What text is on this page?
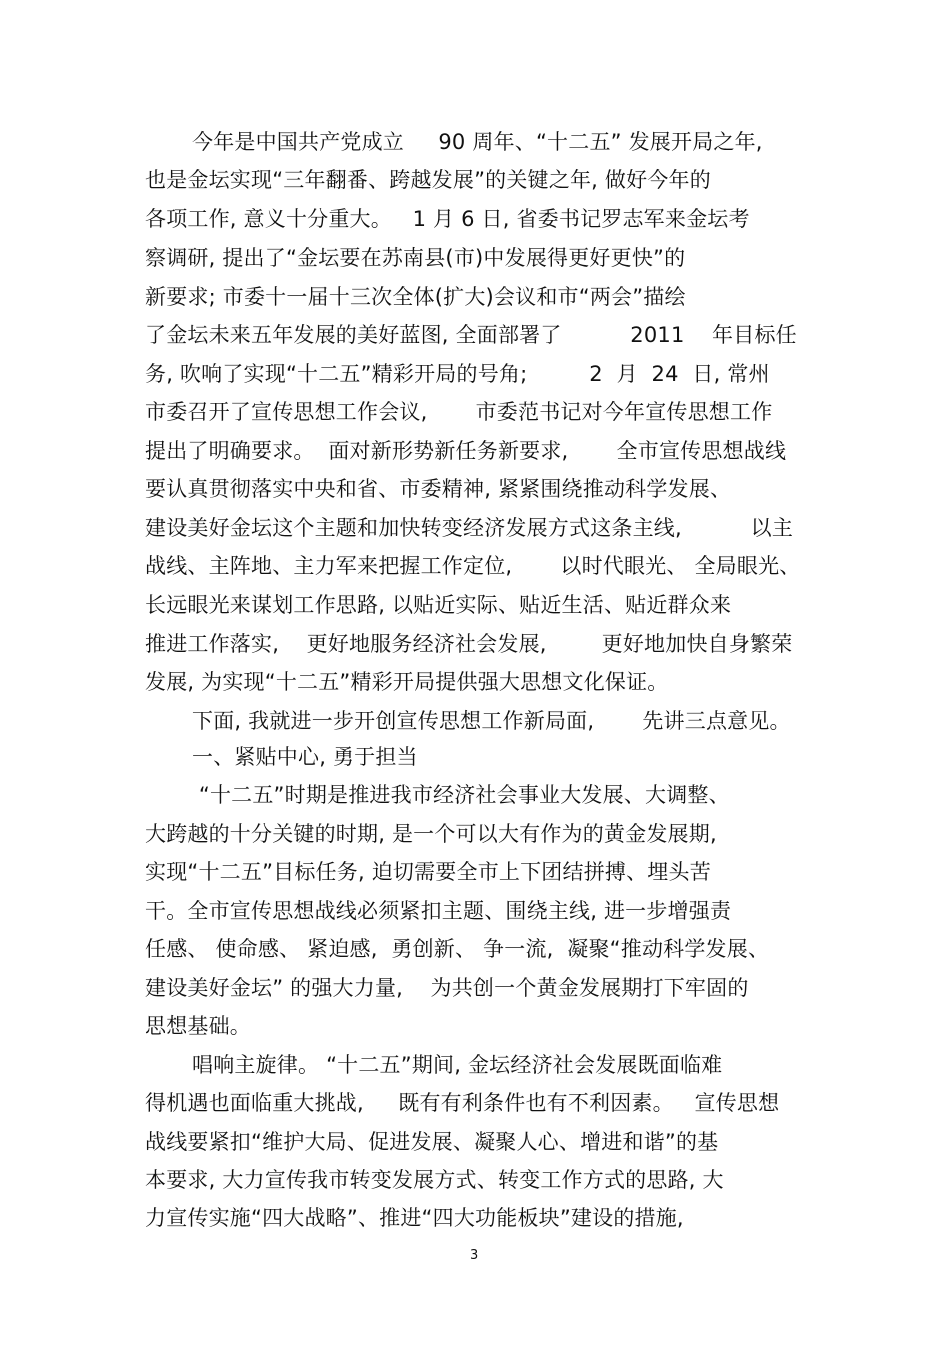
今年是中国共产党成立     90 周年、“十二五” 发展开局之年,
也是金坛实现“三年翻番、跨越发展”的关键之年, 做好今年的
各项工作, 意义十分重大。   1 月 6 日, 省委书记罗志军来金坛考
察调研, 提出了“金坛要在苏南县(市)中发展得更好更快”的
新要求; 市委十一届十三次全体(扩大)会议和市“两会”描绘
了金坛未来五年发展的美好蓝图, 全面部署了          2011    年目标任
务, 吹响了实现“十二五”精彩开局的号角;         2  月  24  日, 常州
市委召开了宣传思想工作会议,       市委范书记对今年宣传思想工作
提出了明确要求。  面对新形势新任务新要求,       全市宣传思想战线
要认真贯彻落实中央和省、市委精神, 紧紧围绕推动科学发展、
建设美好金坛这个主题和加快转变经济发展方式这条主线,          以主
战线、主阵地、主力军来把握工作定位,       以时代眼光、 全局眼光、
长远眼光来谋划工作思路, 以贴近实际、贴近生活、贴近群众来
推进工作落实,    更好地服务经济社会发展,        更好地加快自身繁荣
发展, 为实现“十二五”精彩开局提供强大思想文化保证。
下面, 我就进一步开创宣传思想工作新局面,       先讲三点意见。
一、紧贴中心, 勇于担当
“十二五”时期是推进我市经济社会事业大发展、大调整、
大跨越的十分关键的时期, 是一个可以大有作为的黄金发展期,
实现“十二五”目标任务, 迫切需要全市上下团结拼搏、埋头苦
干。全市宣传思想战线必须紧扣主题、围绕主线, 进一步增强责
任感、 使命感、 紧迫感,  勇创新、 争一流,  凝聚“推动科学发展、
建设美好金坛” 的强大力量,    为共创一个黄金发展期打下牢固的
思想基础。
唱响主旋律。 “十二五”期间, 金坛经济社会发展既面临难
得机遇也面临重大挑战,     既有有利条件也有不利因素。   宣传思想
战线要紧扣“维护大局、促进发展、凝聚人心、增进和谐”的基
本要求, 大力宣传我市转变发展方式、转变工作方式的思路, 大
力宣传实施“四大战略”、推进“四大功能板块”建设的措施,
3
